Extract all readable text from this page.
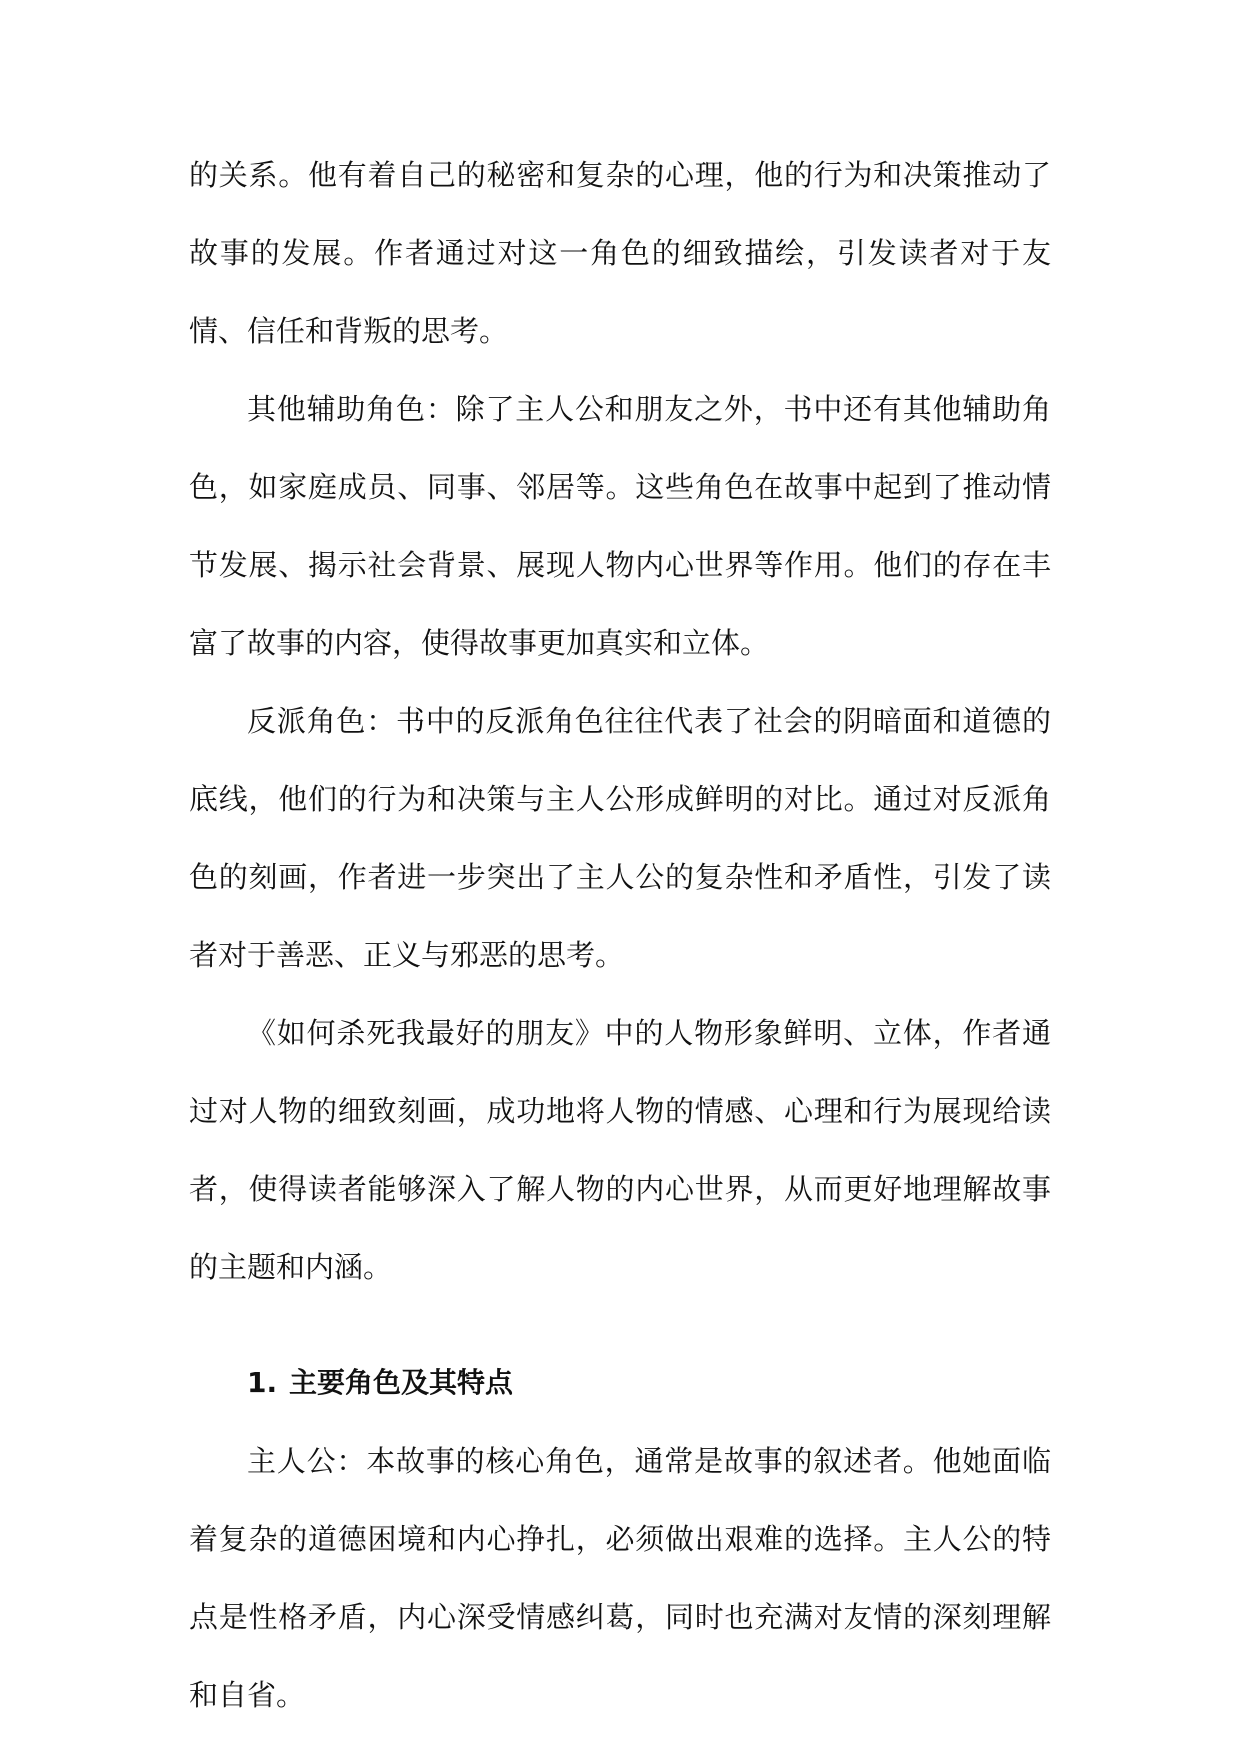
的关系。他有着自己的秘密和复杂的心理，他的行为和决策推动了故事的发展。作者通过对这一角色的细致描绘，引发读者对于友情、信任和背叛的思考。

其他辅助角色：除了主人公和朋友之外，书中还有其他辅助角色，如家庭成员、同事、邻居等。这些角色在故事中起到了推动情节发展、揭示社会背景、展现人物内心世界等作用。他们的存在丰富了故事的内容，使得故事更加真实和立体。

反派角色：书中的反派角色往往代表了社会的阴暗面和道德的底线，他们的行为和决策与主人公形成鲜明的对比。通过对反派角色的刻画，作者进一步突出了主人公的复杂性和矛盾性，引发了读者对于善恶、正义与邪恶的思考。

《如何杀死我最好的朋友》中的人物形象鲜明、立体，作者通过对人物的细致刻画，成功地将人物的情感、心理和行为展现给读者，使得读者能够深入了解人物的内心世界，从而更好地理解故事的主题和内涵。

1. 主要角色及其特点

主人公：本故事的核心角色，通常是故事的叙述者。他她面临着复杂的道德困境和内心挣扎，必须做出艰难的选择。主人公的特点是性格矛盾，内心深受情感纠葛，同时也充满对友情的深刻理解和自省。
